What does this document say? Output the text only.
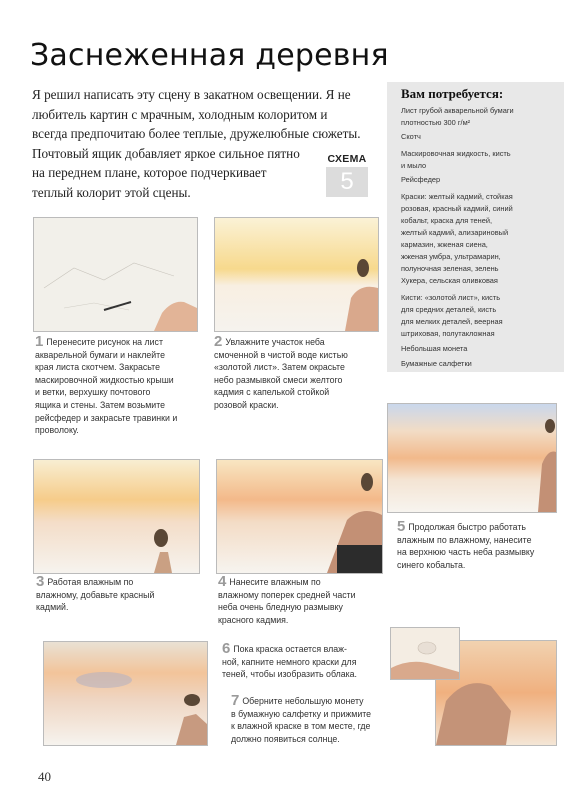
Заснеженная деревня
Я решил написать эту сцену в закатном освещении. Я не
любитель картин с мрачным, холодным колоритом и
всегда предпочитаю более теплые, дружелюбные сюжеты.
Почтовый ящик добавляет яркое сильное пятно
на переднем плане, которое подчеркивает
теплый колорит этой сцены.
СХЕМА
5
Вам потребуется:
Лист грубой акварельной бумаги
плотностью 300 г/м²
Скотч
Маскировочная жидкость, кисть
и мыло
Рейсфедер
Краски: желтый кадмий, стойкая
розовая, красный кадмий, синий
кобальт, краска для теней,
желтый кадмий, ализариновый
кармазин, жженая сиена,
жженая умбра, ультрамарин,
полуночная зеленая, зелень
Хукера, сельская оливковая
Кисти: «золотой лист», кисть
для средних деталей, кисть
для мелких деталей, веерная
штриховая, полутакложная
Небольшая монета
Бумажные салфетки
1 Перенесите рисунок на лист
акварельной бумаги и наклейте
края листа скотчем. Закрасьте
маскировочной жидкостью крыши
и ветки, верхушку почтового
ящика и стены. Затем возьмите
рейсфедер и закрасьте травинки и
проволоку.
2 Увлажните участок неба
смоченной в чистой воде кистью
«золотой лист». Затем окрасьте
небо размывкой смеси желтого
кадмия с капелькой стойкой
розовой краски.
3 Работая влажным по
влажному, добавьте красный
кадмий.
4 Нанесите влажным по
влажному поперек средней части
неба очень бледную размывку
красного кадмия.
5 Продолжая быстро работать
влажным по влажному, нанесите
на верхнюю часть неба размывку
синего кобальта.
6 Пока краска остается влаж-
ной, капните немного краски для
теней, чтобы изобразить облака.
7 Оберните небольшую монету
в бумажную салфетку и прижмите
к влажной краске в том месте, где
должно появиться солнце.
40
